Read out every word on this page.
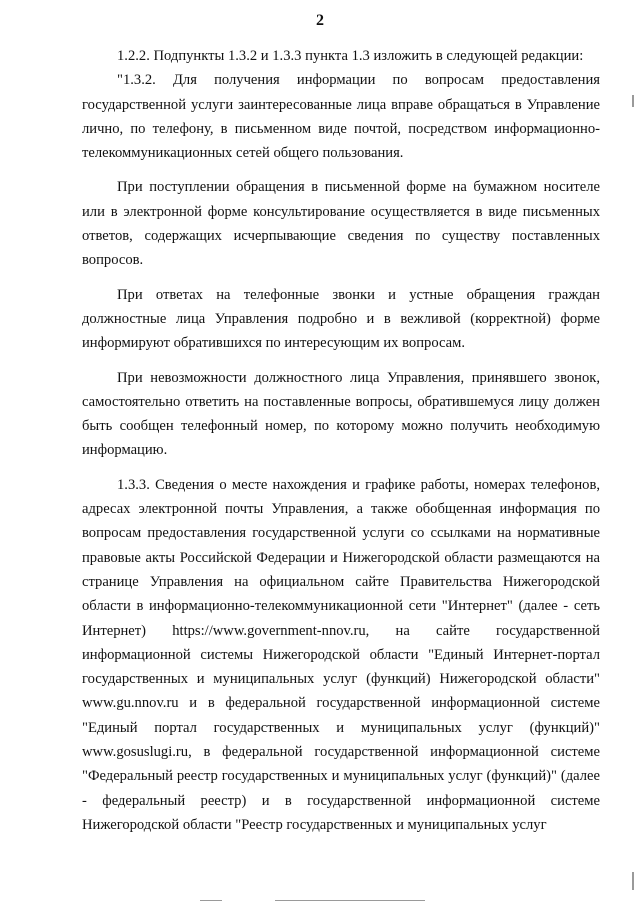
2

1.2.2. Подпункты 1.3.2 и 1.3.3 пункта 1.3 изложить в следующей редакции:

"1.3.2. Для получения информации по вопросам предоставления государственной услуги заинтересованные лица вправе обращаться в Управление лично, по телефону, в письменном виде почтой, посредством информационно-телекоммуникационных сетей общего пользования.

При поступлении обращения в письменной форме на бумажном носителе или в электронной форме консультирование осуществляется в виде письменных ответов, содержащих исчерпывающие сведения по существу поставленных вопросов.

При ответах на телефонные звонки и устные обращения граждан должностные лица Управления подробно и в вежливой (корректной) форме информируют обратившихся по интересующим их вопросам.

При невозможности должностного лица Управления, принявшего звонок, самостоятельно ответить на поставленные вопросы, обратившемуся лицу должен быть сообщен телефонный номер, по которому можно получить необходимую информацию.

1.3.3. Сведения о месте нахождения и графике работы, номерах телефонов, адресах электронной почты Управления, а также обобщенная информация по вопросам предоставления государственной услуги со ссылками на нормативные правовые акты Российской Федерации и Нижегородской области размещаются на странице Управления на официальном сайте Правительства Нижегородской области в информационно-телекоммуникационной сети "Интернет" (далее - сеть Интернет) https://www.government-nnov.ru, на сайте государственной информационной системы Нижегородской области "Единый Интернет-портал государственных и муниципальных услуг (функций) Нижегородской области" www.gu.nnov.ru и в федеральной государственной информационной системе "Единый портал государственных и муниципальных услуг (функций)" www.gosuslugi.ru, в федеральной государственной информационной системе "Федеральный реестр государственных и муниципальных услуг (функций)" (далее - федеральный реестр) и в государственной информационной системе Нижегородской области "Реестр государственных и муниципальных услуг
